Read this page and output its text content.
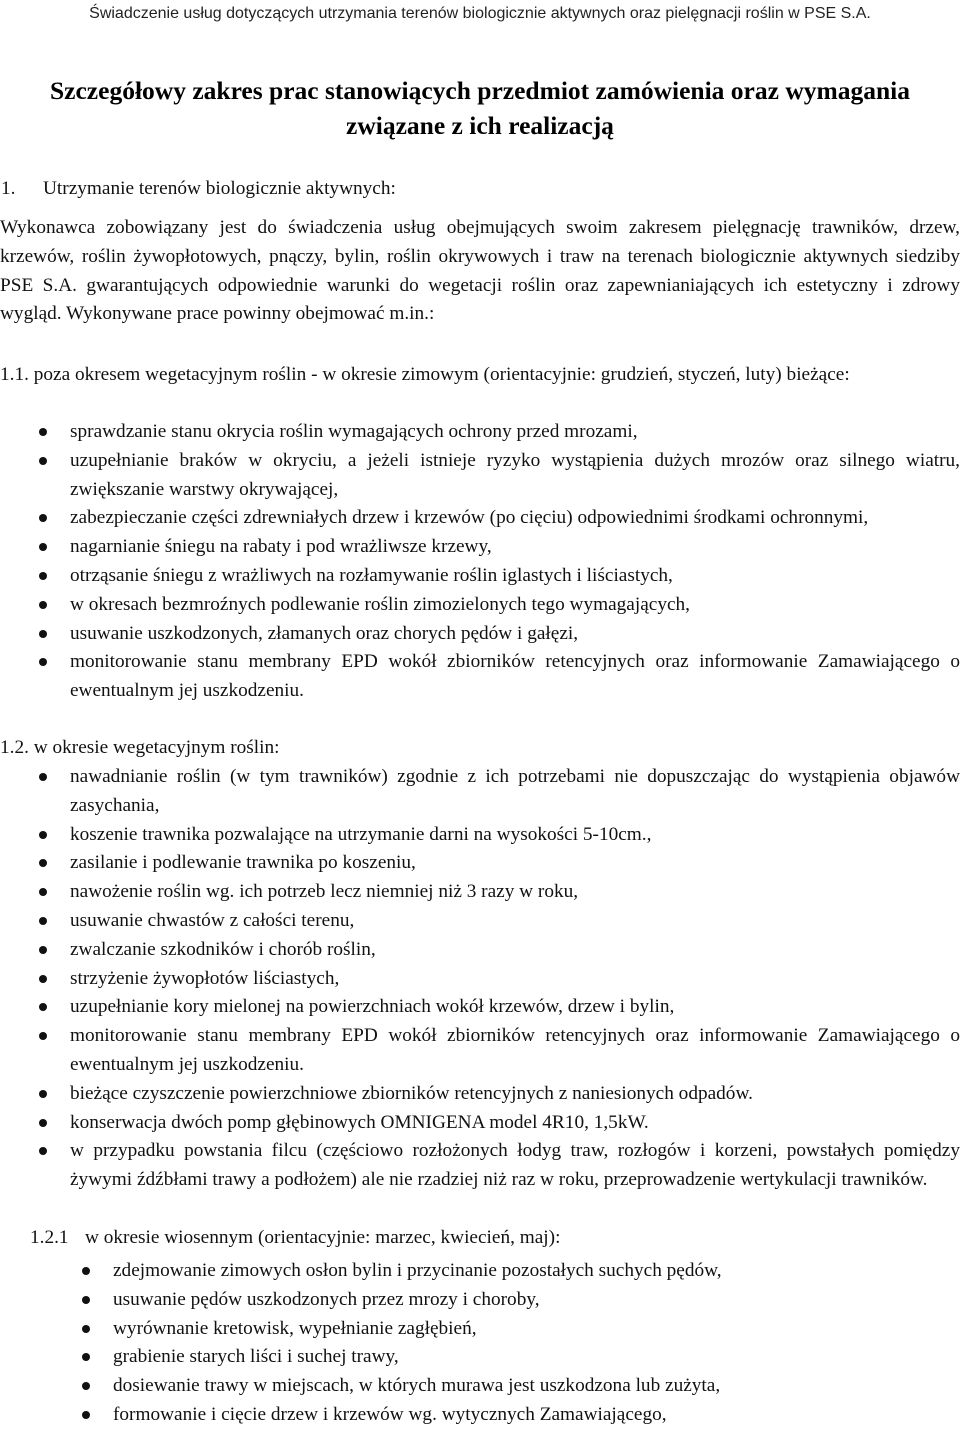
Świadczenie usług dotyczących utrzymania terenów biologicznie aktywnych oraz pielęgnacji roślin w PSE S.A.
Szczegółowy zakres prac stanowiących przedmiot zamówienia oraz wymagania
związane z ich realizacją
1. Utrzymanie terenów biologicznie aktywnych:
Wykonawca zobowiązany jest do świadczenia usług obejmujących swoim zakresem pielęgnację trawników, drzew, krzewów, roślin żywopłotowych, pnączy, bylin, roślin okrywowych i traw na terenach biologicznie aktywnych siedziby PSE S.A. gwarantujących odpowiednie warunki do wegetacji roślin oraz zapewnianiających ich estetyczny i zdrowy wygląd. Wykonywane prace powinny obejmować m.in.:
1.1. poza okresem wegetacyjnym roślin - w okresie zimowym (orientacyjnie: grudzień, styczeń, luty) bieżące:
sprawdzanie stanu okrycia roślin wymagających ochrony przed mrozami,
uzupełnianie braków w okryciu, a jeżeli istnieje ryzyko wystąpienia dużych mrozów oraz silnego wiatru, zwiększanie warstwy okrywającej,
zabezpieczanie części zdrewniałych drzew i krzewów (po cięciu) odpowiednimi środkami ochronnymi,
nagarnianie śniegu na rabaty i pod wrażliwsze krzewy,
otrząsanie śniegu z wrażliwych na rozłamywanie roślin iglastych i liściastych,
w okresach bezmroźnych podlewanie roślin zimozielonych tego wymagających,
usuwanie uszkodzonych, złamanych oraz chorych pędów i gałęzi,
monitorowanie stanu membrany EPD wokół zbiorników retencyjnych oraz informowanie Zamawiającego o ewentualnym jej uszkodzeniu.
1.2. w okresie wegetacyjnym roślin:
nawadnianie roślin (w tym trawników) zgodnie z ich potrzebami nie dopuszczając do wystąpienia objawów zasychania,
koszenie trawnika pozwalające na utrzymanie darni na wysokości 5-10cm.,
zasilanie i podlewanie trawnika po koszeniu,
nawożenie roślin wg. ich potrzeb lecz niemniej niż 3 razy w roku,
usuwanie chwastów z całości terenu,
zwalczanie szkodników i chorób roślin,
strzyżenie żywopłotów liściastych,
uzupełnianie kory mielonej na powierzchniach wokół krzewów, drzew i bylin,
monitorowanie stanu membrany EPD wokół zbiorników retencyjnych oraz informowanie Zamawiającego o ewentualnym jej uszkodzeniu.
bieżące czyszczenie powierzchniowe zbiorników retencyjnych z naniesionych odpadów.
konserwacja dwóch pomp głębinowych OMNIGENA model 4R10, 1,5kW.
w przypadku powstania filcu (częściowo rozłożonych łodyg traw, rozłogów i korzeni, powstałych pomiędzy żywymi źdźbłami trawy a podłożem) ale nie rzadziej niż raz w roku, przeprowadzenie wertykulacji trawników.
1.2.1 w okresie wiosennym (orientacyjnie: marzec, kwiecień, maj):
zdejmowanie zimowych osłon bylin i przycinanie pozostałych suchych pędów,
usuwanie pędów uszkodzonych przez mrozy i choroby,
wyrównanie kretowisk, wypełnianie zagłębień,
grabienie starych liści i suchej trawy,
dosiewanie trawy w miejscach, w których murawa jest uszkodzona lub zużyta,
formowanie i cięcie drzew i krzewów wg. wytycznych Zamawiającego,
